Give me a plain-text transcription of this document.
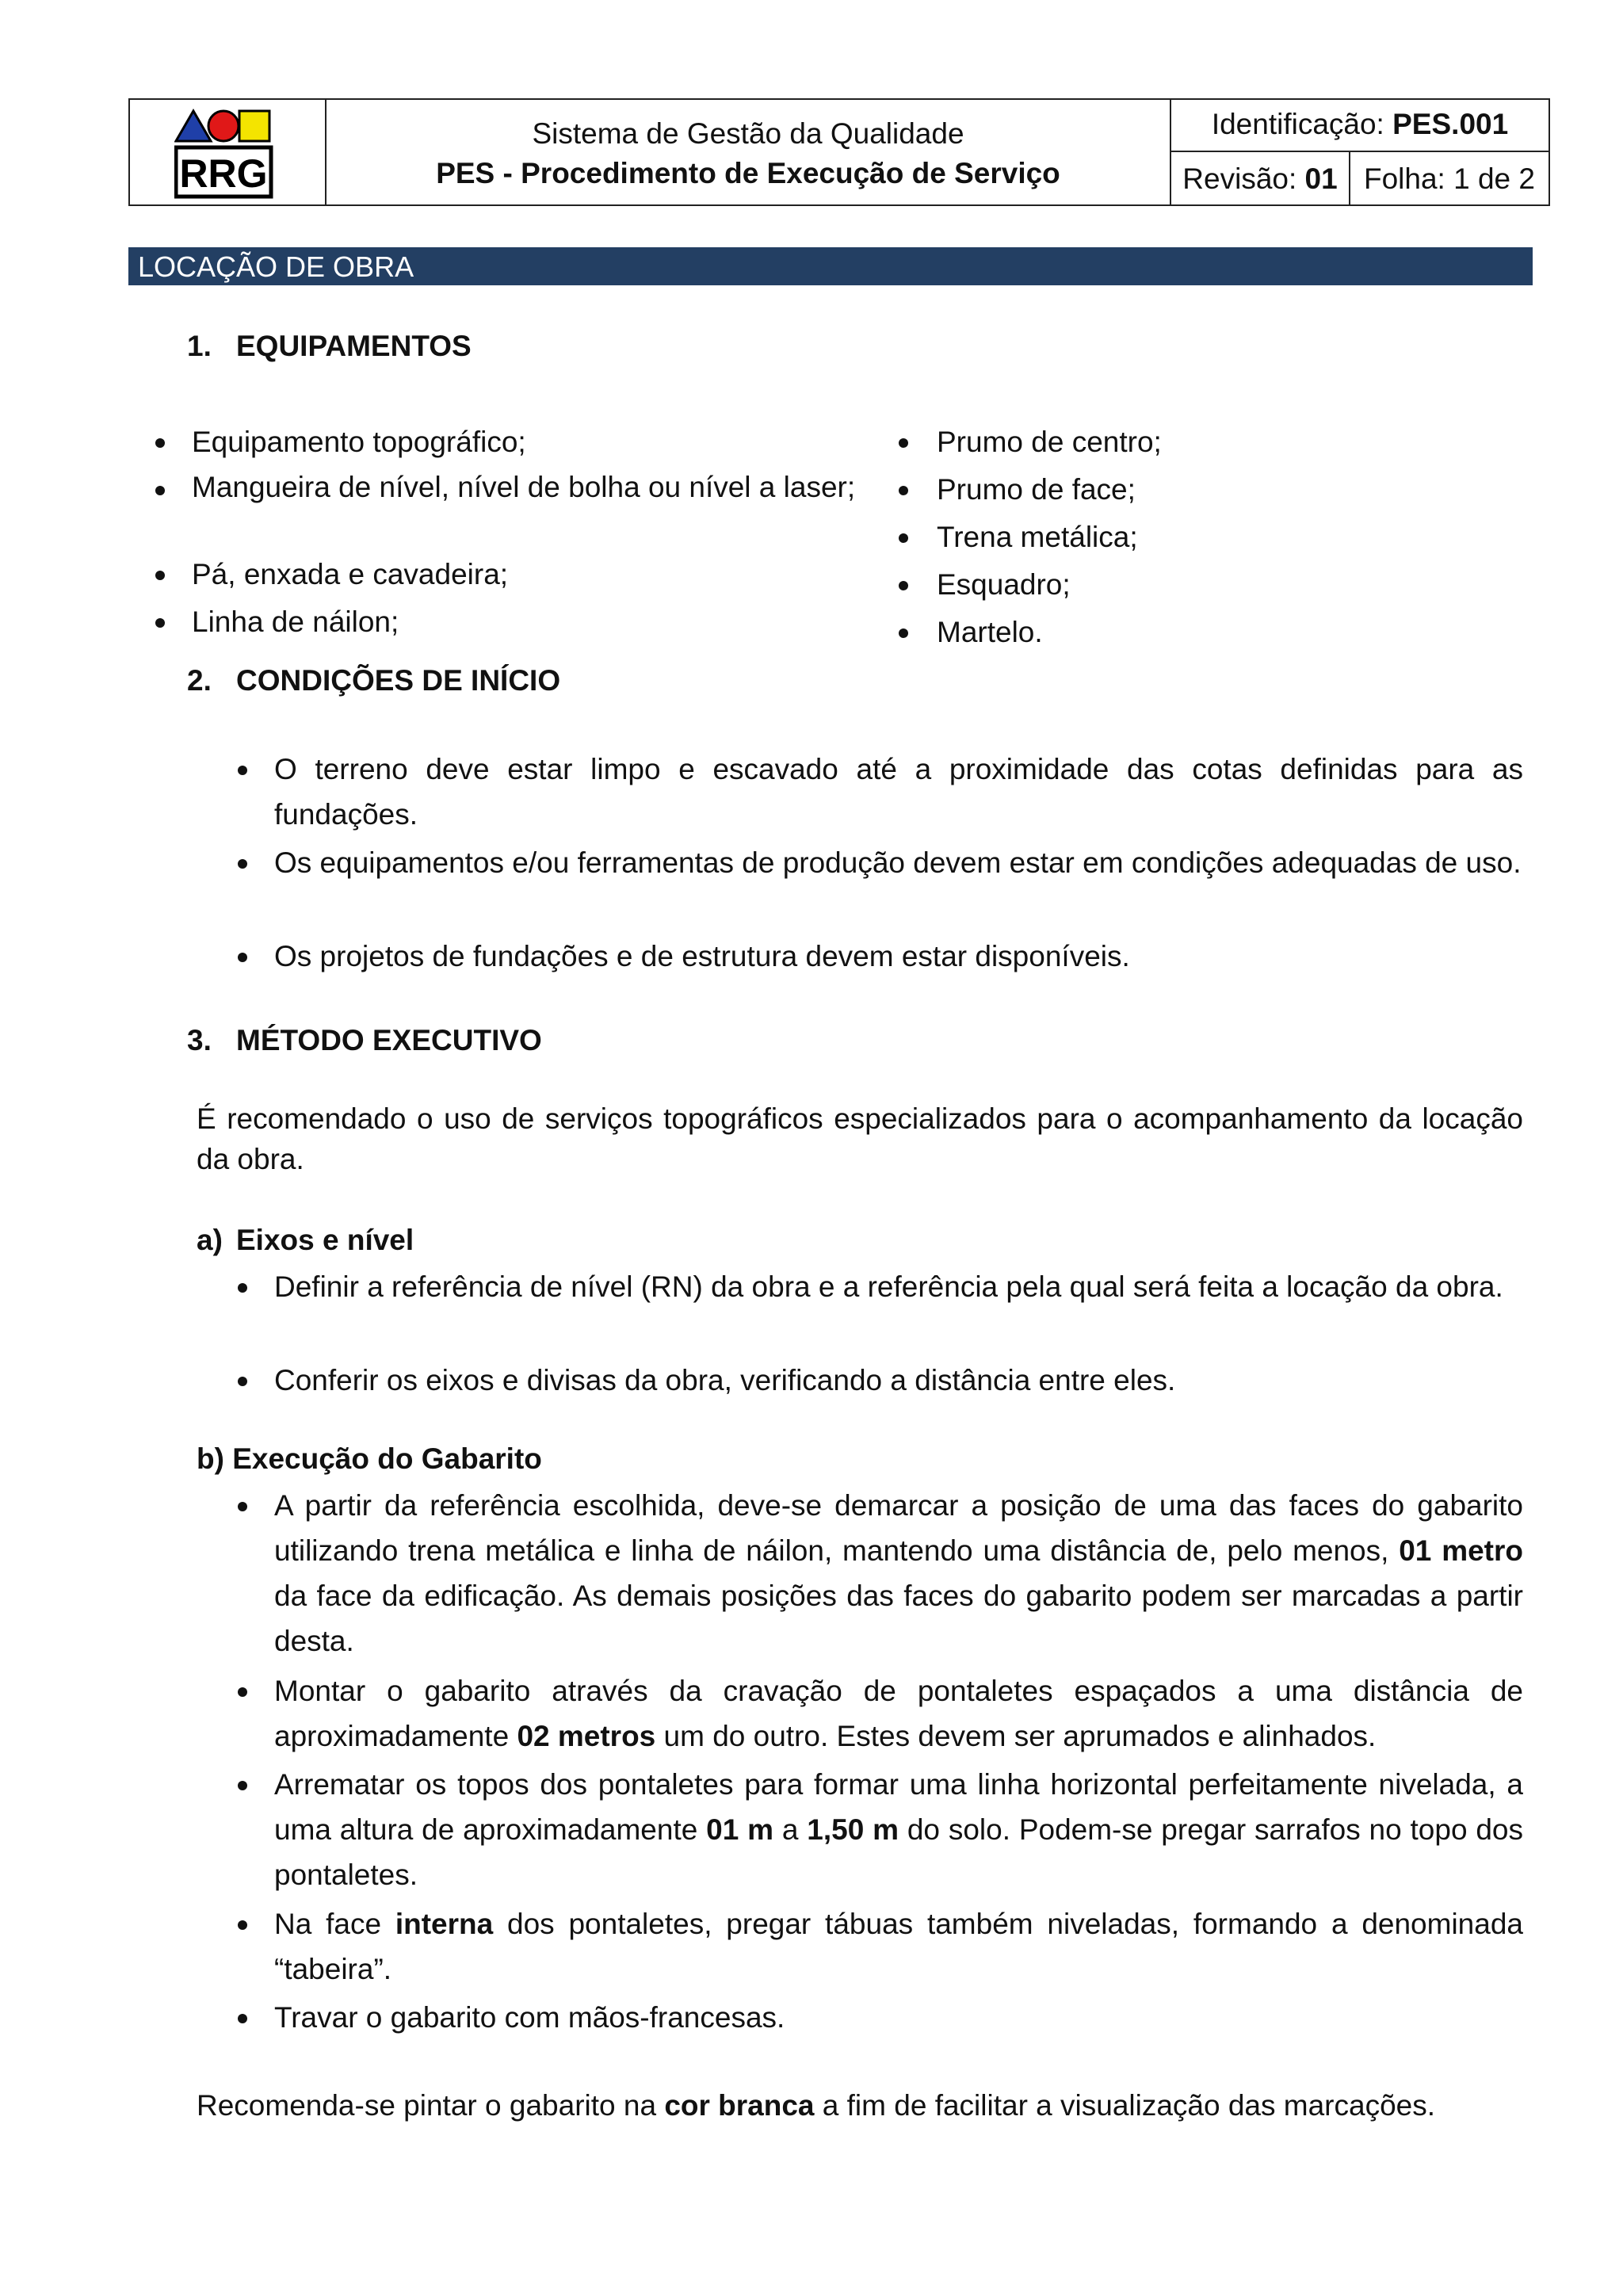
RRG
Sistema de Gestão da Qualidade
PES - Procedimento de Execução de Serviço
Identificação: PES.001
Revisão: 01 Folha: 1 de 2
LOCAÇÃO DE OBRA
1. EQUIPAMENTOS
Equipamento topográfico;
Mangueira de nível, nível de bolha ou nível a laser;
Pá, enxada e cavadeira;
Linha de náilon;
Prumo de centro;
Prumo de face;
Trena metálica;
Esquadro;
Martelo.
2. CONDIÇÕES DE INÍCIO
O terreno deve estar limpo e escavado até a proximidade das cotas definidas para as fundações.
Os equipamentos e/ou ferramentas de produção devem estar em condições adequadas de uso.
Os projetos de fundações e de estrutura devem estar disponíveis.
3. MÉTODO EXECUTIVO
É recomendado o uso de serviços topográficos especializados para o acompanhamento da locação da obra.
a) Eixos e nível
Definir a referência de nível (RN) da obra e a referência pela qual será feita a locação da obra.
Conferir os eixos e divisas da obra, verificando a distância entre eles.
b) Execução do Gabarito
A partir da referência escolhida, deve-se demarcar a posição de uma das faces do gabarito utilizando trena metálica e linha de náilon, mantendo uma distância de, pelo menos, 01 metro da face da edificação. As demais posições das faces do gabarito podem ser marcadas a partir desta.
Montar o gabarito através da cravação de pontaletes espaçados a uma distância de aproximadamente 02 metros um do outro. Estes devem ser aprumados e alinhados.
Arrematar os topos dos pontaletes para formar uma linha horizontal perfeitamente nivelada, a uma altura de aproximadamente 01 m a 1,50 m do solo. Podem-se pregar sarrafos no topo dos pontaletes.
Na face interna dos pontaletes, pregar tábuas também niveladas, formando a denominada “tabeira”.
Travar o gabarito com mãos-francesas.
Recomenda-se pintar o gabarito na cor branca a fim de facilitar a visualização das marcações.
